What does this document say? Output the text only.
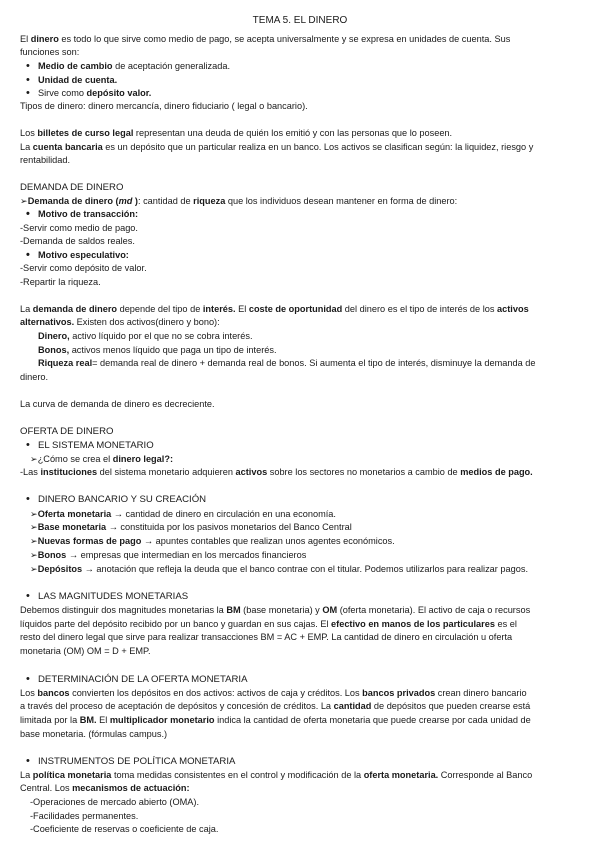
TEMA 5. EL DINERO
El dinero es todo lo que sirve como medio de pago, se acepta universalmente y se expresa en unidades de cuenta. Sus
funciones son:
• Medio de cambio de aceptación generalizada.
• Unidad de cuenta.
• Sirve como depósito valor.
Tipos de dinero: dinero mercancía, dinero fiduciario ( legal o bancario).
Los billetes de curso legal representan una deuda de quién los emitió y con las personas que lo poseen.
La cuenta bancaria es un depósito que un particular realiza en un banco. Los activos se clasifican según: la liquidez, riesgo y
rentabilidad.
DEMANDA DE DINERO
➢Demanda de dinero (md ): cantidad de riqueza que los individuos desean mantener en forma de dinero:
• Motivo de transacción:
-Servir como medio de pago.
-Demanda de saldos reales.
• Motivo especulativo:
-Servir como depósito de valor.
-Repartir la riqueza.
La demanda de dinero depende del tipo de interés. El coste de oportunidad del dinero es el tipo de interés de los activos
alternativos. Existen dos activos(dinero y bono):
Dinero, activo líquido por el que no se cobra interés.
Bonos, activos menos líquido que paga un tipo de interés.
Riqueza real= demanda real de dinero + demanda real de bonos. Si aumenta el tipo de interés, disminuye la demanda de
dinero.
La curva de demanda de dinero es decreciente.
OFERTA DE DINERO
• EL SISTEMA MONETARIO
➢¿Cómo se crea el dinero legal?:
-Las instituciones del sistema monetario adquieren activos sobre los sectores no monetarios a cambio de medios de pago.
• DINERO BANCARIO Y SU CREACIÓN
➢Oferta monetaria → cantidad de dinero en circulación en una economía.
➢Base monetaria → constituida por los pasivos monetarios del Banco Central
➢Nuevas formas de pago → apuntes contables que realizan unos agentes económicos.
➢Bonos → empresas que intermedian en los mercados financieros
➢Depósitos → anotación que refleja la deuda que el banco contrae con el titular. Podemos utilizarlos para realizar pagos.
• LAS MAGNITUDES MONETARIAS
Debemos distinguir dos magnitudes monetarias la BM (base monetaria) y OM (oferta monetaria). El activo de caja o recursos
líquidos parte del depósito recibido por un banco y guardan en sus cajas. El efectivo en manos de los particulares es el
resto del dinero legal que sirve para realizar transacciones BM = AC + EMP. La cantidad de dinero en circulación u oferta
monetaria (OM) OM = D + EMP.
• DETERMINACIÓN DE LA OFERTA MONETARIA
Los bancos convierten los depósitos en dos activos: activos de caja y créditos. Los bancos privados crean dinero bancario
a través del proceso de aceptación de depósitos y concesión de créditos. La cantidad de depósitos que pueden crearse está
limitada por la BM. El multiplicador monetario indica la cantidad de oferta monetaria que puede crearse por cada unidad de
base monetaria. (fórmulas campus.)
• INSTRUMENTOS DE POLÍTICA MONETARIA
La política monetaria toma medidas consistentes en el control y modificación de la oferta monetaria. Corresponde al Banco
Central. Los mecanismos de actuación:
-Operaciones de mercado abierto (OMA).
-Facilidades permanentes.
-Coeficiente de reservas o coeficiente de caja.
